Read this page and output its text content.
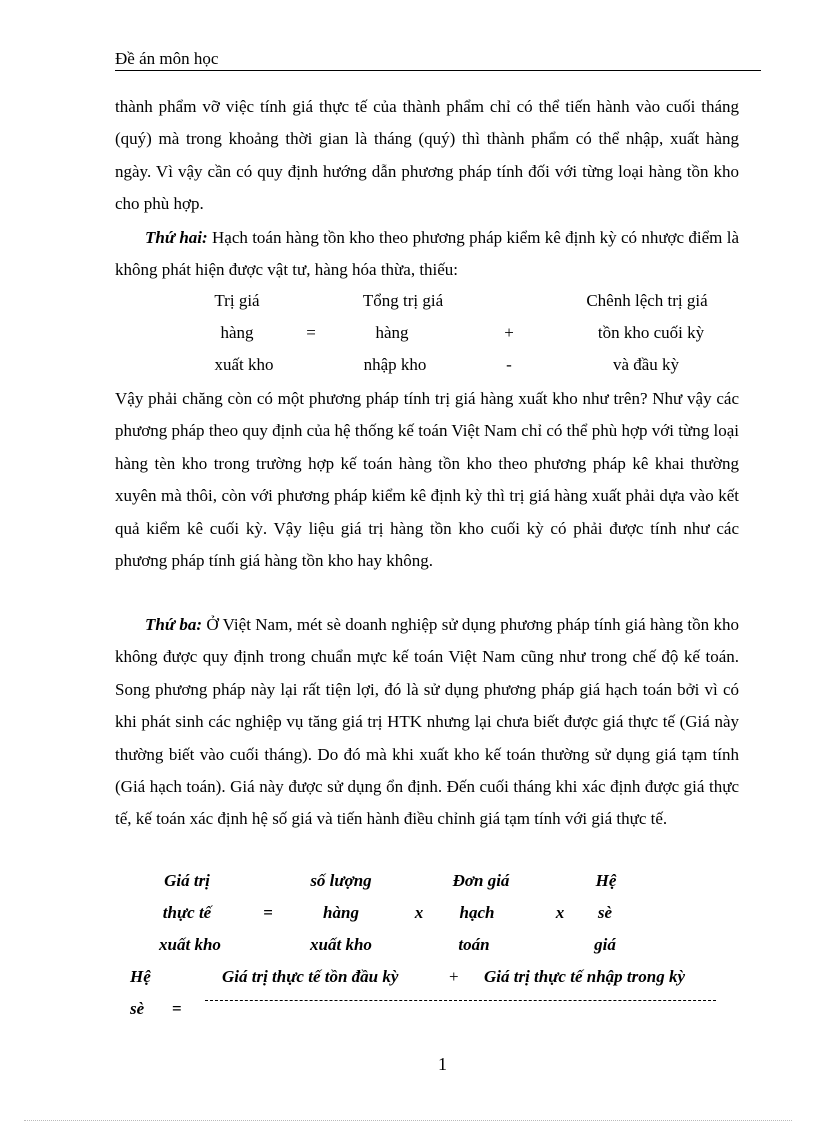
Đề án môn học
thành phẩm vỡ việc tính giá thực tế của thành phẩm chỉ có thể tiến hành vào cuối tháng (quý) mà trong khoảng thời gian là tháng (quý) thì thành phẩm có thể nhập, xuất hàng ngày. Vì vậy cần có quy định hướng dẫn phương pháp tính đối với từng loại hàng tồn kho cho phù hợp.
Thứ hai: Hạch toán hàng tồn kho theo phương pháp kiểm kê định kỳ có nhược điểm là không phát hiện được vật tư, hàng hóa thừa, thiếu:
Trị giá
hàng
xuất kho
=
Tổng trị giá
hàng
nhập kho
+
-
Chênh lệch trị giá
tồn kho cuối kỳ
và đầu kỳ
Vậy phải chăng còn có một phương pháp tính trị giá hàng xuất kho như trên? Như vậy các phương pháp theo quy định của hệ thống kế toán Việt Nam chỉ có thể phù hợp với từng loại hàng tèn kho trong trường hợp kế toán hàng tồn kho theo phương pháp kê khai thường xuyên mà thôi, còn với phương pháp kiểm kê định kỳ thì trị giá hàng xuất phải dựa vào kết quả kiểm kê cuối kỳ. Vậy liệu giá trị hàng tồn kho cuối kỳ có phải được tính như các phương pháp tính giá hàng tồn kho hay không.
Thứ ba: Ở Việt Nam, mét sè doanh nghiệp sử dụng phương pháp tính giá hàng tồn kho không được quy định trong chuẩn mực kế toán Việt Nam cũng như trong chế độ kế toán. Song phương pháp này lại rất tiện lợi, đó là sử dụng phương pháp giá hạch toán bởi vì có khi phát sinh các nghiệp vụ tăng giá trị HTK nhưng lại chưa biết được giá thực tế (Giá này thường biết vào cuối tháng). Do đó mà khi xuất kho kế toán thường sử dụng giá tạm tính (Giá hạch toán). Giá này được sử dụng ổn định. Đến cuối tháng khi xác định được giá thực tế, kế toán xác định hệ số giá và tiến hành điều chỉnh giá tạm tính với giá thực tế.
Giá trị
thực tế
xuất kho
=
số lượng
hàng
xuất kho
x
Đơn giá
hạch
toán
x
Hệ
sè
giá
Hệ
sè =
Giá trị thực tế tồn đầu kỳ	+ Giá trị thực tế nhập trong kỳ
1
